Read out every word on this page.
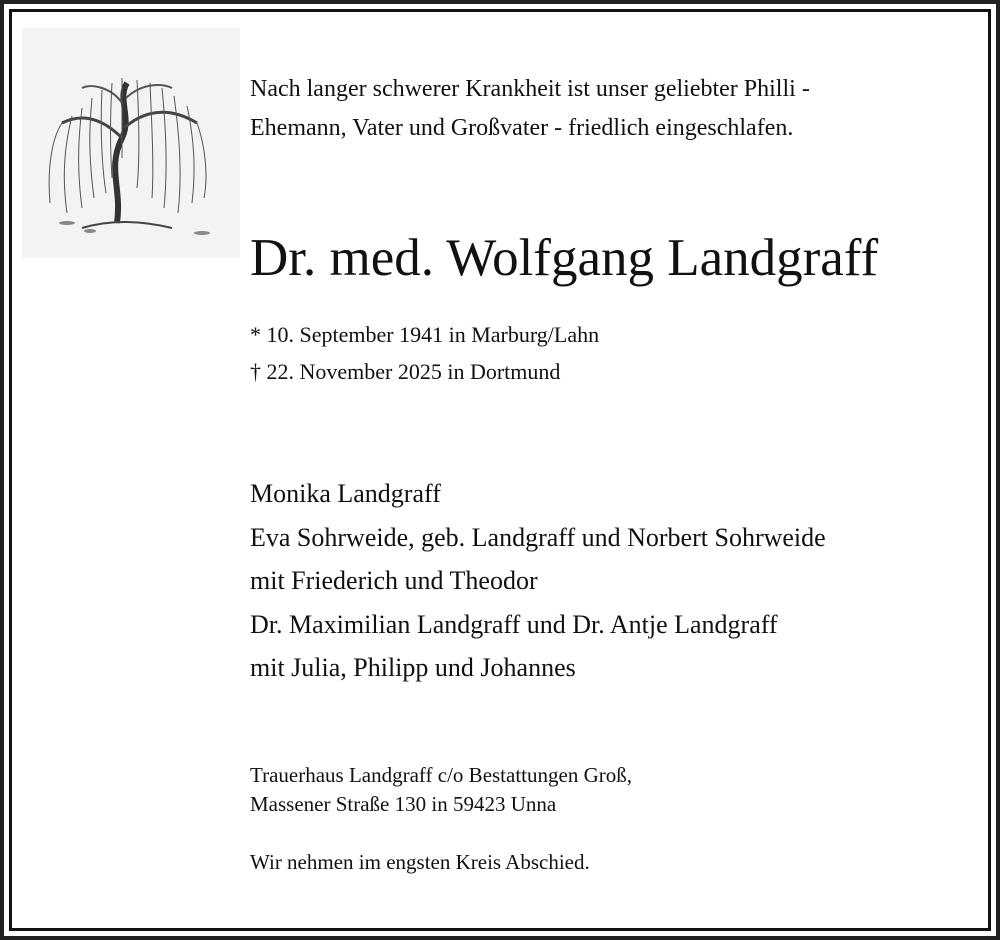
Nach langer schwerer Krankheit ist unser geliebter Philli -
Ehemann, Vater und Großvater - friedlich eingeschlafen.
Dr. med. Wolfgang Landgraff
* 10. September 1941 in Marburg/Lahn
† 22. November 2025 in Dortmund
Monika Landgraff
Eva Sohrweide, geb. Landgraff und Norbert Sohrweide
mit Friederich und Theodor
Dr. Maximilian Landgraff und Dr. Antje Landgraff
mit Julia, Philipp und Johannes
Trauerhaus Landgraff c/o Bestattungen Groß,
Massener Straße 130 in 59423 Unna
Wir nehmen im engsten Kreis Abschied.
